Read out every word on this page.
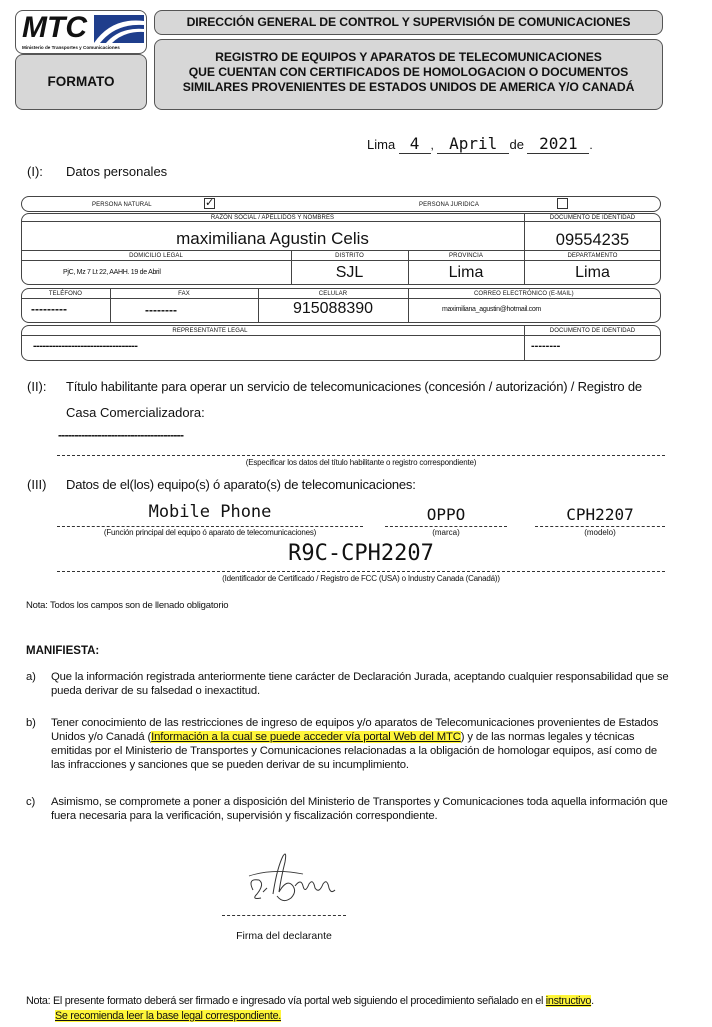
MTC
Ministerio de Transportes y Comunicaciones
FORMATO
DIRECCIÓN GENERAL DE CONTROL Y SUPERVISIÓN DE COMUNICACIONES
REGISTRO DE EQUIPOS Y APARATOS DE TELECOMUNICACIONES
QUE CUENTAN CON CERTIFICADOS DE HOMOLOGACION O DOCUMENTOS
SIMILARES PROVENIENTES DE ESTADOS UNIDOS DE AMERICA Y/O CANADÁ
Lima 4 , April de 2021 .
(I): Datos personales
PERSONA NATURAL	✓	PERSONA JURIDICA
RAZÓN SOCIAL / APELLIDOS Y NOMBRES
maximiliana Agustin Celis
DOCUMENTO DE IDENTIDAD
09554235
DOMICILIO LEGAL
PjC, Mz 7 Lt 22, AAHH. 19 de Abril
DISTRITO
SJL
PROVINCIA
Lima
DEPARTAMENTO
Lima
TELÉFONO
---------
FAX
--------
CELULAR
915088390
CORREO ELECTRÓNICO (E-MAIL)
maximiliana_agustin@hotmail.com
REPRESENTANTE LEGAL
---------------------------------
DOCUMENTO DE IDENTIDAD
--------
(II): Título habilitante para operar un servicio de telecomunicaciones (concesión / autorización) / Registro de
Casa Comercializadora:
--------------------------------------
(Especificar los datos del título habilitante o registro correspondiente)
(III) Datos de el(los) equipo(s) ó aparato(s) de telecomunicaciones:
Mobile Phone
(Función principal del equipo ó aparato de telecomunicaciones)
OPPO
(marca)
CPH2207
(modelo)
R9C-CPH2207
(Identificador de Certificado / Registro de FCC (USA) o Industry Canada (Canadá))
Nota: Todos los campos son de llenado obligatorio
MANIFIESTA:
a) Que la información registrada anteriormente tiene carácter de Declaración Jurada, aceptando cualquier responsabilidad que se
pueda derivar de su falsedad o inexactitud.
b) Tener conocimiento de las restricciones de ingreso de equipos y/o aparatos de Telecomunicaciones provenientes de Estados
Unidos y/o Canadá (Información a la cual se puede acceder vía portal Web del MTC) y de las normas legales y técnicas
emitidas por el Ministerio de Transportes y Comunicaciones relacionadas a la obligación de homologar equipos, así como de
las infracciones y sanciones que se pueden derivar de su incumplimiento.
c) Asimismo, se compromete a poner a disposición del Ministerio de Transportes y Comunicaciones toda aquella información que
fuera necesaria para la verificación, supervisión y fiscalización correspondiente.
Firma del declarante
Nota: El presente formato deberá ser firmado e ingresado vía portal web siguiendo el procedimiento señalado en el instructivo.
Se recomienda leer la base legal correspondiente.
